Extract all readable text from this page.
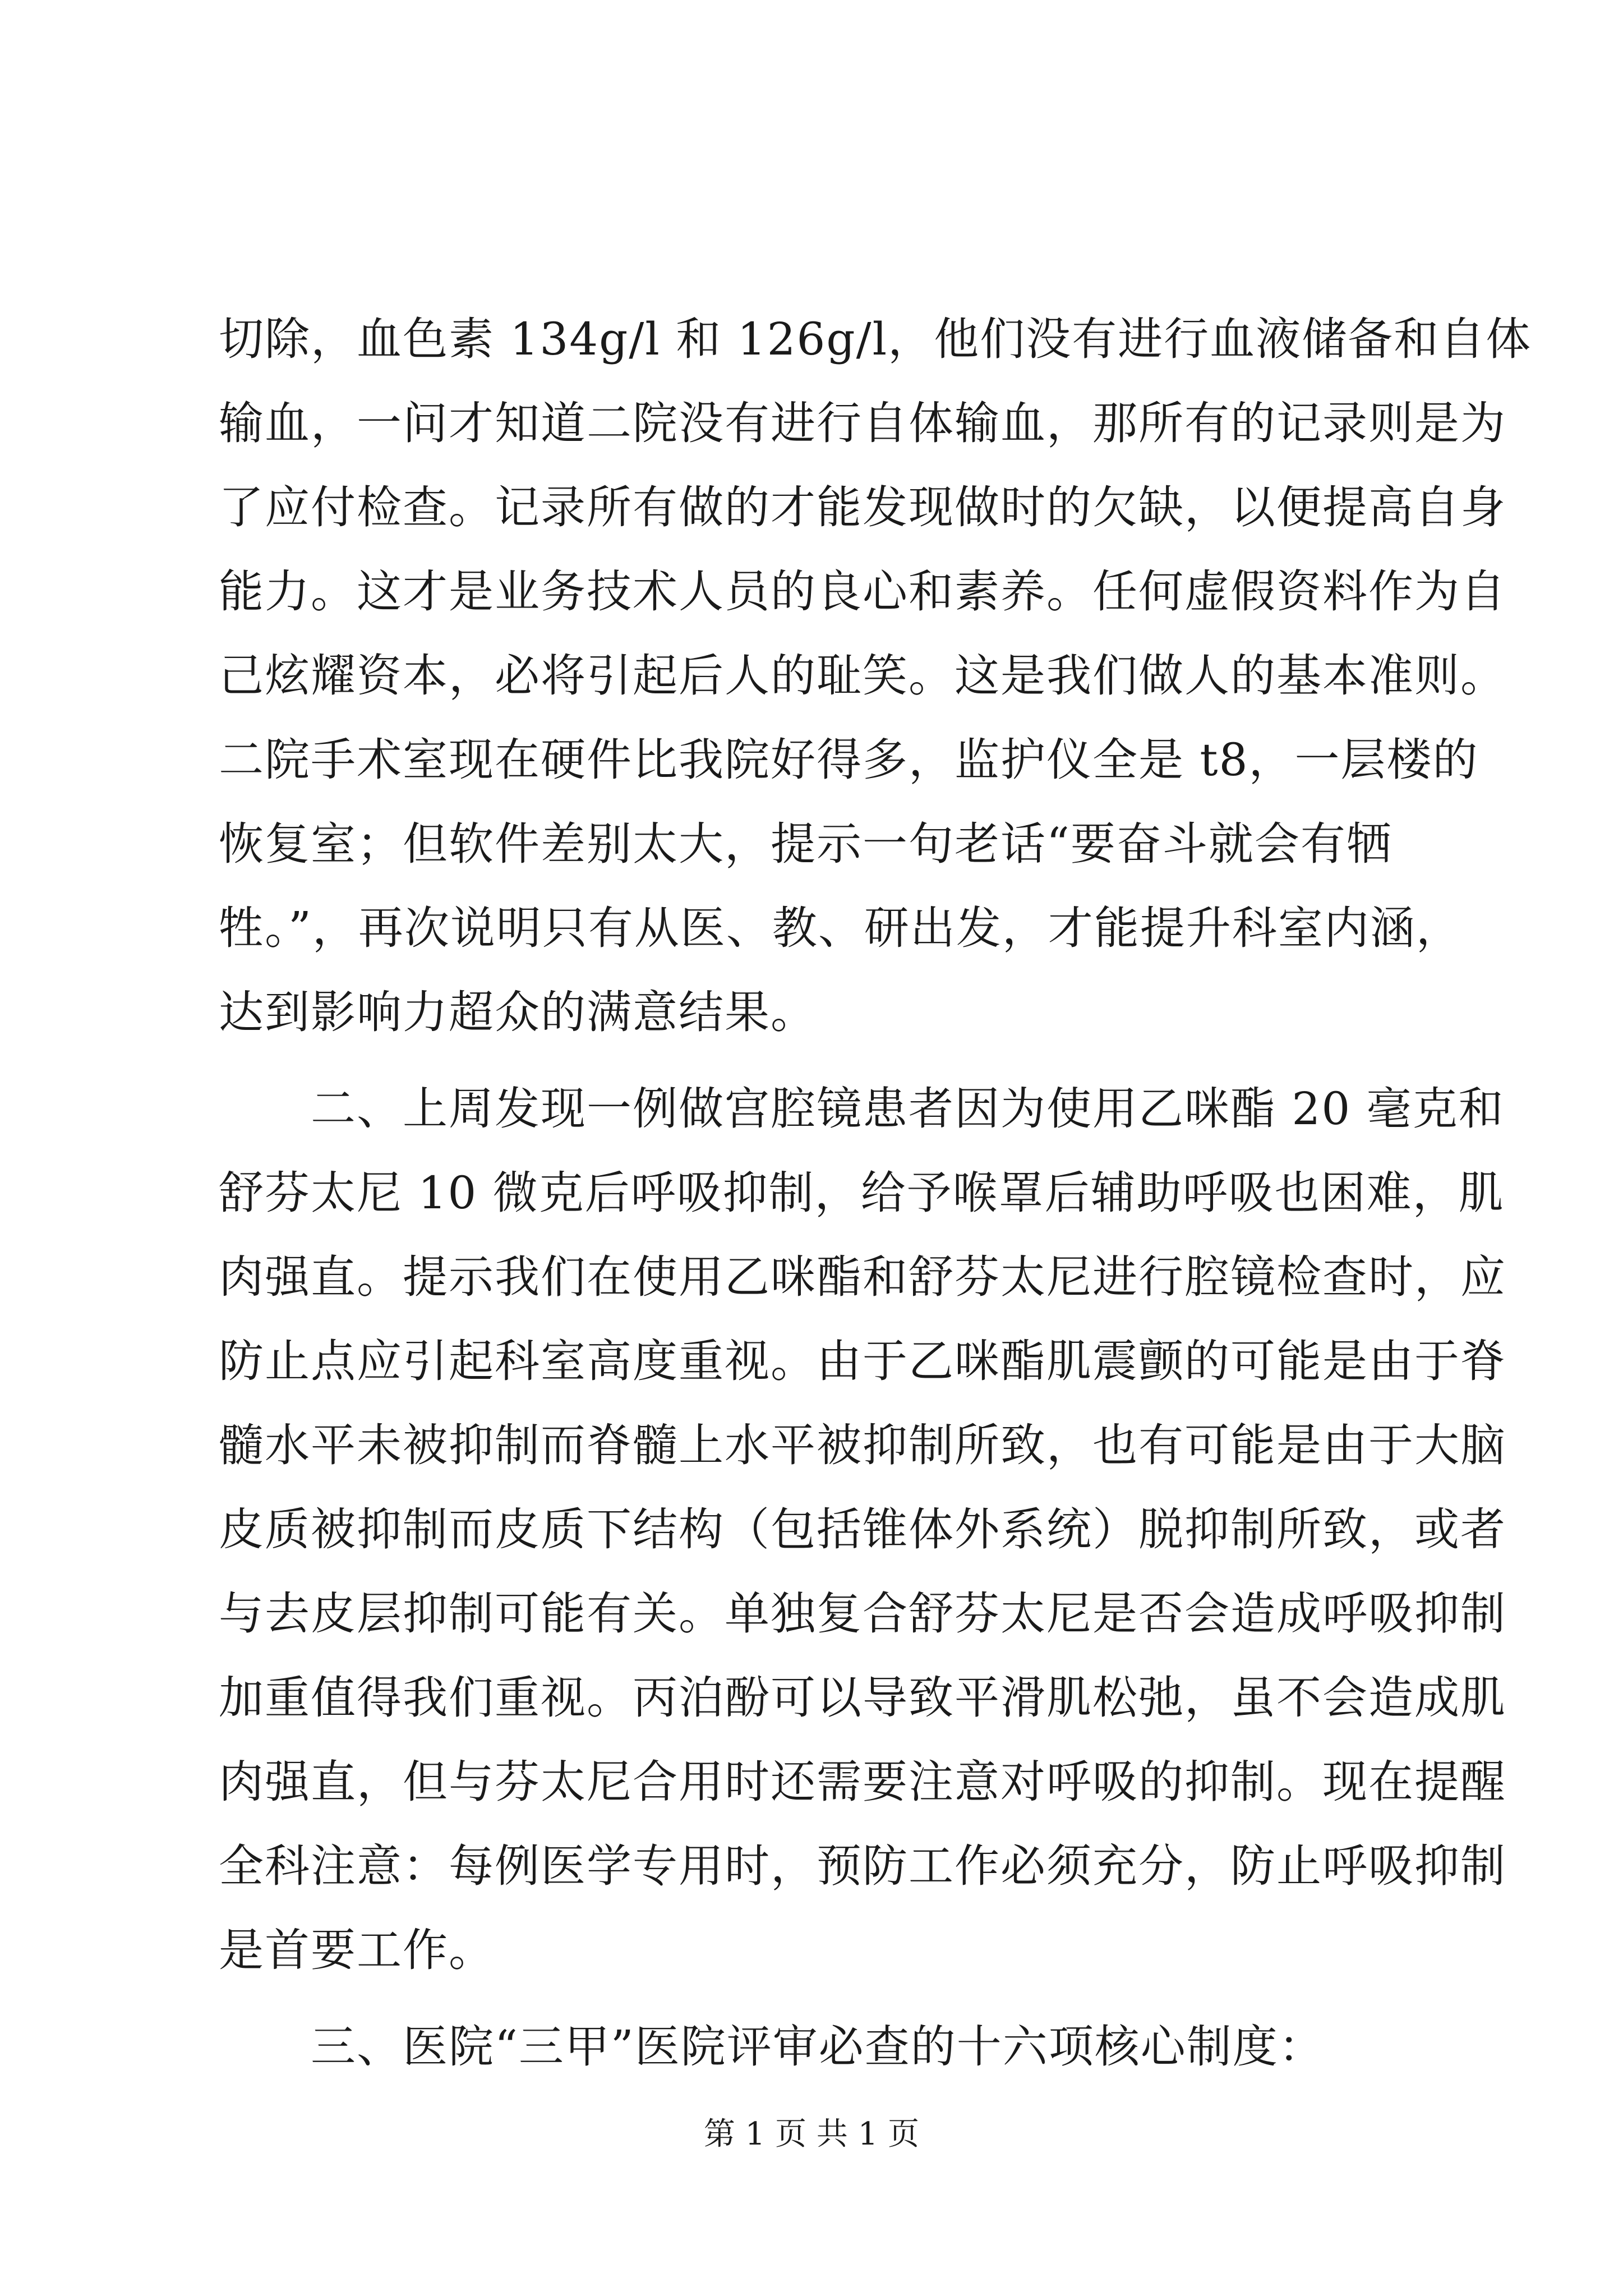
切除，血色素 134g/l 和 126g/l，他们没有进行血液储备和自体
输血，一问才知道二院没有进行自体输血，那所有的记录则是为
了应付检查。记录所有做的才能发现做时的欠缺，以便提高自身
能力。这才是业务技术人员的良心和素养。任何虚假资料作为自
己炫耀资本，必将引起后人的耻笑。这是我们做人的基本准则。
二院手术室现在硬件比我院好得多，监护仪全是 t8，一层楼的
恢复室；但软件差别太大，提示一句老话“要奋斗就会有牺
牲。”，再次说明只有从医、教、研出发，才能提升科室内涵，
达到影响力超众的满意结果。
　　二、上周发现一例做宫腔镜患者因为使用乙咪酯 20 毫克和
舒芬太尼 10 微克后呼吸抑制，给予喉罩后辅助呼吸也困难，肌
肉强直。提示我们在使用乙咪酯和舒芬太尼进行腔镜检查时，应
防止点应引起科室高度重视。由于乙咪酯肌震颤的可能是由于脊
髓水平未被抑制而脊髓上水平被抑制所致，也有可能是由于大脑
皮质被抑制而皮质下结构（包括锥体外系统）脱抑制所致，或者
与去皮层抑制可能有关。单独复合舒芬太尼是否会造成呼吸抑制
加重值得我们重视。丙泊酚可以导致平滑肌松弛，虽不会造成肌
肉强直，但与芬太尼合用时还需要注意对呼吸的抑制。现在提醒
全科注意：每例医学专用时，预防工作必须充分，防止呼吸抑制
是首要工作。
　　三、医院“三甲”医院评审必查的十六项核心制度：
第 1 页 共 1 页
